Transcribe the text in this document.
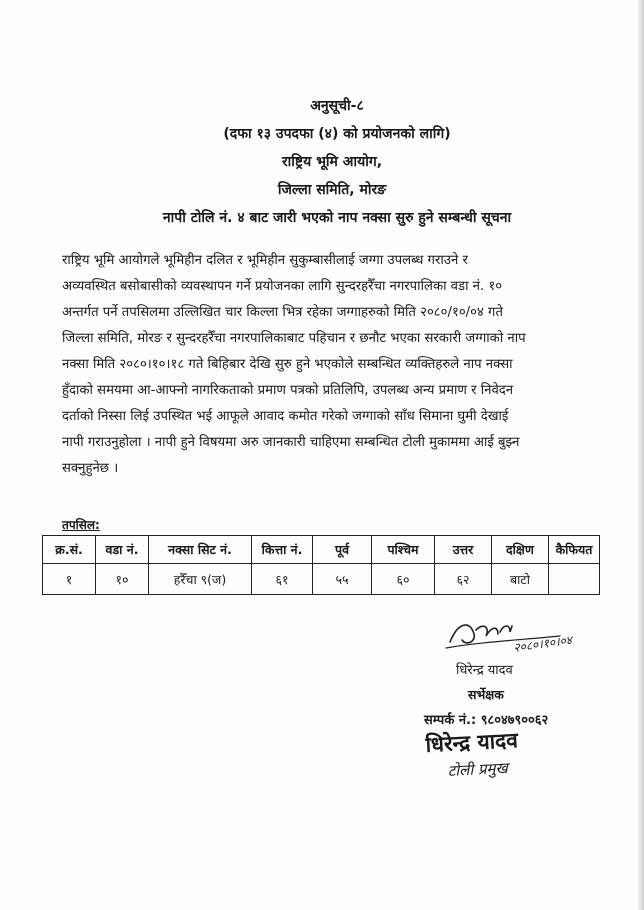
अनुसूची-८
(दफा १३ उपदफा (४) को प्रयोजनको लागि)
राष्ट्रिय भूमि आयोग,
जिल्ला समिति, मोरङ
नापी टोलि नं. ४ बाट जारी भएको नाप नक्सा सुरु हुने सम्बन्धी सूचना
राष्ट्रिय भूमि आयोगले भूमिहीन दलित र भूमिहीन सुकुम्बासीलाई जग्गा उपलब्ध गराउने र
अव्यवस्थित बसोबासीको व्यवस्थापन गर्ने प्रयोजनका लागि सुन्दरहरैँचा नगरपालिका वडा नं. १०
अन्तर्गत पर्ने तपसिलमा उल्लिखित चार किल्ला भित्र रहेका जग्गाहरुको मिति २०८०/१०/०४ गते
जिल्ला समिति, मोरङ र सुन्दरहरैँचा नगरपालिकाबाट पहिचान र छनौट भएका सरकारी जग्गाको नाप
नक्सा मिति २०८०।१०।१८ गते बिहिबार देखि सुरु हुने भएकोले सम्बन्धित व्यक्तिहरुले नाप नक्सा
हुँदाको समयमा आ-आफ्नो नागरिकताको प्रमाण पत्रको प्रतिलिपि, उपलब्ध अन्य प्रमाण र निवेदन
दर्ताको निस्सा लिई उपस्थित भई आफूले आवाद कमोत गरेको जग्गाको साँध सिमाना घुमी देखाई
नापी गराउनुहोला । नापी हुने विषयमा अरु जानकारी चाहिएमा सम्बन्धित टोली मुकाममा आई बुझ्न
सक्नुहुनेछ ।
तपसिल:
क्र.सं.	वडा नं.	नक्सा सिट नं.	कित्ता नं.	पूर्व	पश्चिम	उत्तर	दक्षिण	कैफियत
१	१०	हरैँचा ९(ज)	६१	५५	६०	६२	बाटो	
२०८०।१०।०४
धिरेन्द्र यादव
सर्भेक्षक
सम्पर्क नं.: ९८०४७९००६२
धिरेन्द्र यादव
टोली प्रमुख
